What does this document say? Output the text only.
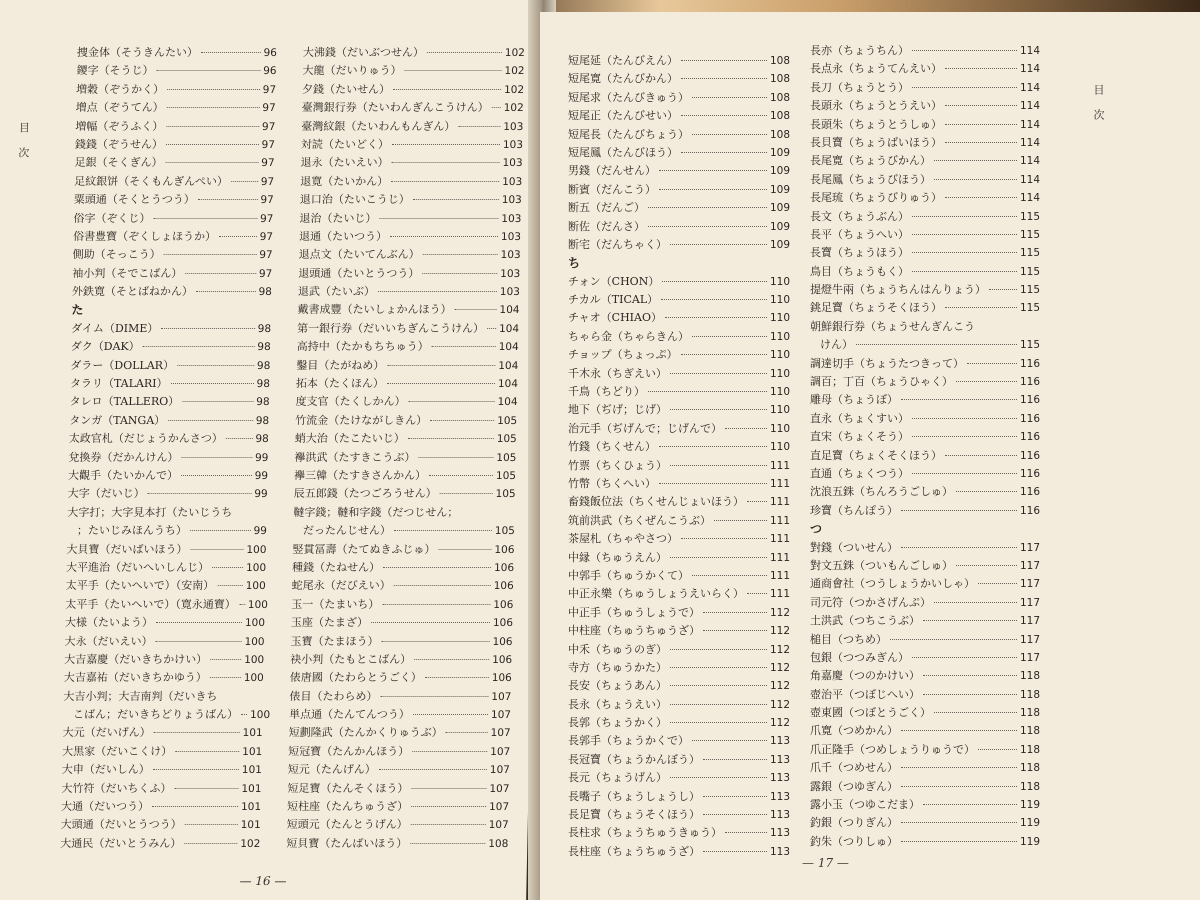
目次
捜金体（そうきんたい）	96
鑁字（そうじ）	96
増穀（ぞうかく）	97
増点（ぞうてん）	97
増幅（ぞうふく）	97
錢錢（ぞうせん）	97
足銀（そくぎん）	97
足紋銀饼（そくもんぎんぺい）	97
粟頭通（そくとうつう）	97
俗字（ぞくじ）	97
俗書豊寶（ぞくしょほうか）	97
側助（そっこう）	97
袖小判（そでこばん）	97
外鉄寛（そとばねかん）	98
た
ダイム（DIME）	98
ダク（DAK）	98
ダラー（DOLLAR）	98
タラリ（TALARI）	98
タレロ（TALLERO）	98
タンガ（TANGA）	98
太政官札（だじょうかんさつ）	98
兌換券（だかんけん）	99
大觀手（たいかんで）	99
大字（だいじ）	99
大字打；大字見本打（たいじうち
；たいじみほんうち）	99
大貝寶（だいばいほう）	100
大平進治（だいへいしんじ）	100
太平手（たいへいで）（安南）	100
太平手（たいへいで）（寛永通寶） 100
大様（たいよう）	100
大永（だいえい）	100
大吉嘉慶（だいきちかけい）	100
大吉嘉祐（だいきちかゆう）	100
大吉小判；大吉南判（だいきち
こばん；だいきちどりょうばん） 100
大元（だいげん）	101
大黒家（だいこくけ）	101
大申（だいしん）	101
大竹符（だいちくふ）	101
大通（だいつう）	101
大頭通（だいとうつう）	101
大通民（だいとうみん）	102
大沸錢（だいぶつせん）	102
大龍（だいりゅう）	102
夕錢（たいせん）	102
臺灣銀行券（たいわんぎんこうけん） 102
臺灣紋銀（たいわんもんぎん）	103
対読（たいどく）	103
退永（たいえい）	103
退寛（たいかん）	103
退口治（たいこうじ）	103
退治（たいじ）	103
退通（たいつう）	103
退点文（たいてんぶん）	103
退頭通（たいとうつう）	103
退武（たいぶ）	103
戴書成豐（たいしょかんほう）	104
第一銀行券（だいいちぎんこうけん） 104
高持中（たかもちちゅう）	104
鑿目（たがねめ）	104
拓本（たくほん）	104
度支官（たくしかん）	104
竹流金（たけながしきん）	105
蛸大治（たこたいじ）	105
襷洪武（たすきこうぶ）	105
襷三韓（たすきさんかん）	105
辰五郎錢（たつごろうせん）	105
韃字錢；韃和字錢（だつじせん；
だったんじせん）	105
竪貫冨壽（たてぬきふじゅ）	106
種錢（たねせん）	106
蛇尾永（だびえい）	106
玉一（たまいち）	106
玉座（たまざ）	106
玉寶（たまほう）	106
袂小判（たもとこばん）	106
俵唐國（たわらとうごく）	106
俵目（たわらめ）	107
単点通（たんてんつう）	107
短劃隆武（たんかくりゅうぶ）	107
短冠寶（たんかんほう）	107
短元（たんげん）	107
短足寶（たんそくほう）	107
短柱座（たんちゅうざ）	107
短頭元（たんとうげん）	107
短貝寶（たんばいほう）	108
— 16 —
短尾延（たんびえん）	108
短尾寛（たんびかん）	108
短尾求（たんびきゅう）	108
短尾正（たんびせい）	108
短尾長（たんびちょう）	108
短尾鳳（たんびほう）	109
男錢（だんせん）	109
断賓（だんこう）	109
断五（だんご）	109
断佐（だんさ）	109
断宅（だんちゃく）	109
ち
チォン（CHON）	110
チカル（TICAL）	110
チャオ（CHIAO）	110
ちゃら金（ちゃらきん）	110
チョップ（ちょっぷ）	110
千木永（ちぎえい）	110
千鳥（ちどり）	110
地下（ぢげ；じげ）	110
治元手（ぢげんで；じげんで）	110
竹錢（ちくせん）	110
竹票（ちくひょう）	111
竹幣（ちくへい）	111
畜錢飯位法（ちくせんじょいほう） 111
筑前洪武（ちくぜんこうぶ）	111
茶屋札（ちゃやさつ）	111
中縁（ちゅうえん）	111
中郭手（ちゅうかくて）	111
中正永樂（ちゅうしょうえいらく） 111
中正手（ちゅうしょうで）	112
中柱座（ちゅうちゅうざ）	112
中禾（ちゅうのぎ）	112
寺方（ちゅうかた）	112
長安（ちょうあん）	112
長永（ちょうえい）	112
長郭（ちょうかく）	112
長郭手（ちょうかくで）	113
長冠寶（ちょうかんぼう）	113
長元（ちょうげん）	113
長嘴子（ちょうしょうし）	113
長足寶（ちょうそくほう）	113
長柱求（ちょうちゅうきゅう）	113
長柱座（ちょうちゅうざ）	113
長亦（ちょうちん）	114
長点永（ちょうてんえい）	114
長刀（ちょうとう）	114
長頭永（ちょうとうえい）	114
長頭朱（ちょうとうしゅ）	114
長貝寶（ちょうばいほう）	114
長尾寛（ちょうびかん）	114
長尾鳳（ちょうびほう）	114
長尾琉（ちょうびりゅう）	114
長文（ちょうぶん）	115
長平（ちょうへい）	115
長寶（ちょうほう）	115
鳥目（ちょうもく）	115
提燈牛兩（ちょうちんはんりょう）	115
銚足寶（ちょうそくほう）	115
朝鮮銀行券（ちょうせんぎんこう
けん）	115
調達切手（ちょうたつきって）	116
調百；丁百（ちょうひゃく）	116
雕母（ちょうぼ）	116
直永（ちょくすい）	116
直宋（ちょくそう）	116
直足寶（ちょくそくほう）	116
直通（ちょくつう）	116
沈浪五銖（ちんろうごしゅ）	116
珍寶（ちんぽう）	116
つ
對錢（ついせん）	117
對文五銖（ついもんごしゅ）	117
通商會社（つうしょうかいしゃ）	117
司元符（つかさげんぷ）	117
土洪武（つちこうぶ）	117
槌目（つちめ）	117
包銀（つつみぎん）	117
角嘉慶（つのかけい）	118
壺治平（つぼじへい）	118
壺東國（つぼとうごく）	118
爪寛（つめかん）	118
爪正隆手（つめしょうりゅうで）	118
爪千（つめせん）	118
露銀（つゆぎん）	118
露小玉（つゆこだま）	119
釣銀（つりぎん）	119
釣朱（つりしゅ）	119
目次
— 17 —
